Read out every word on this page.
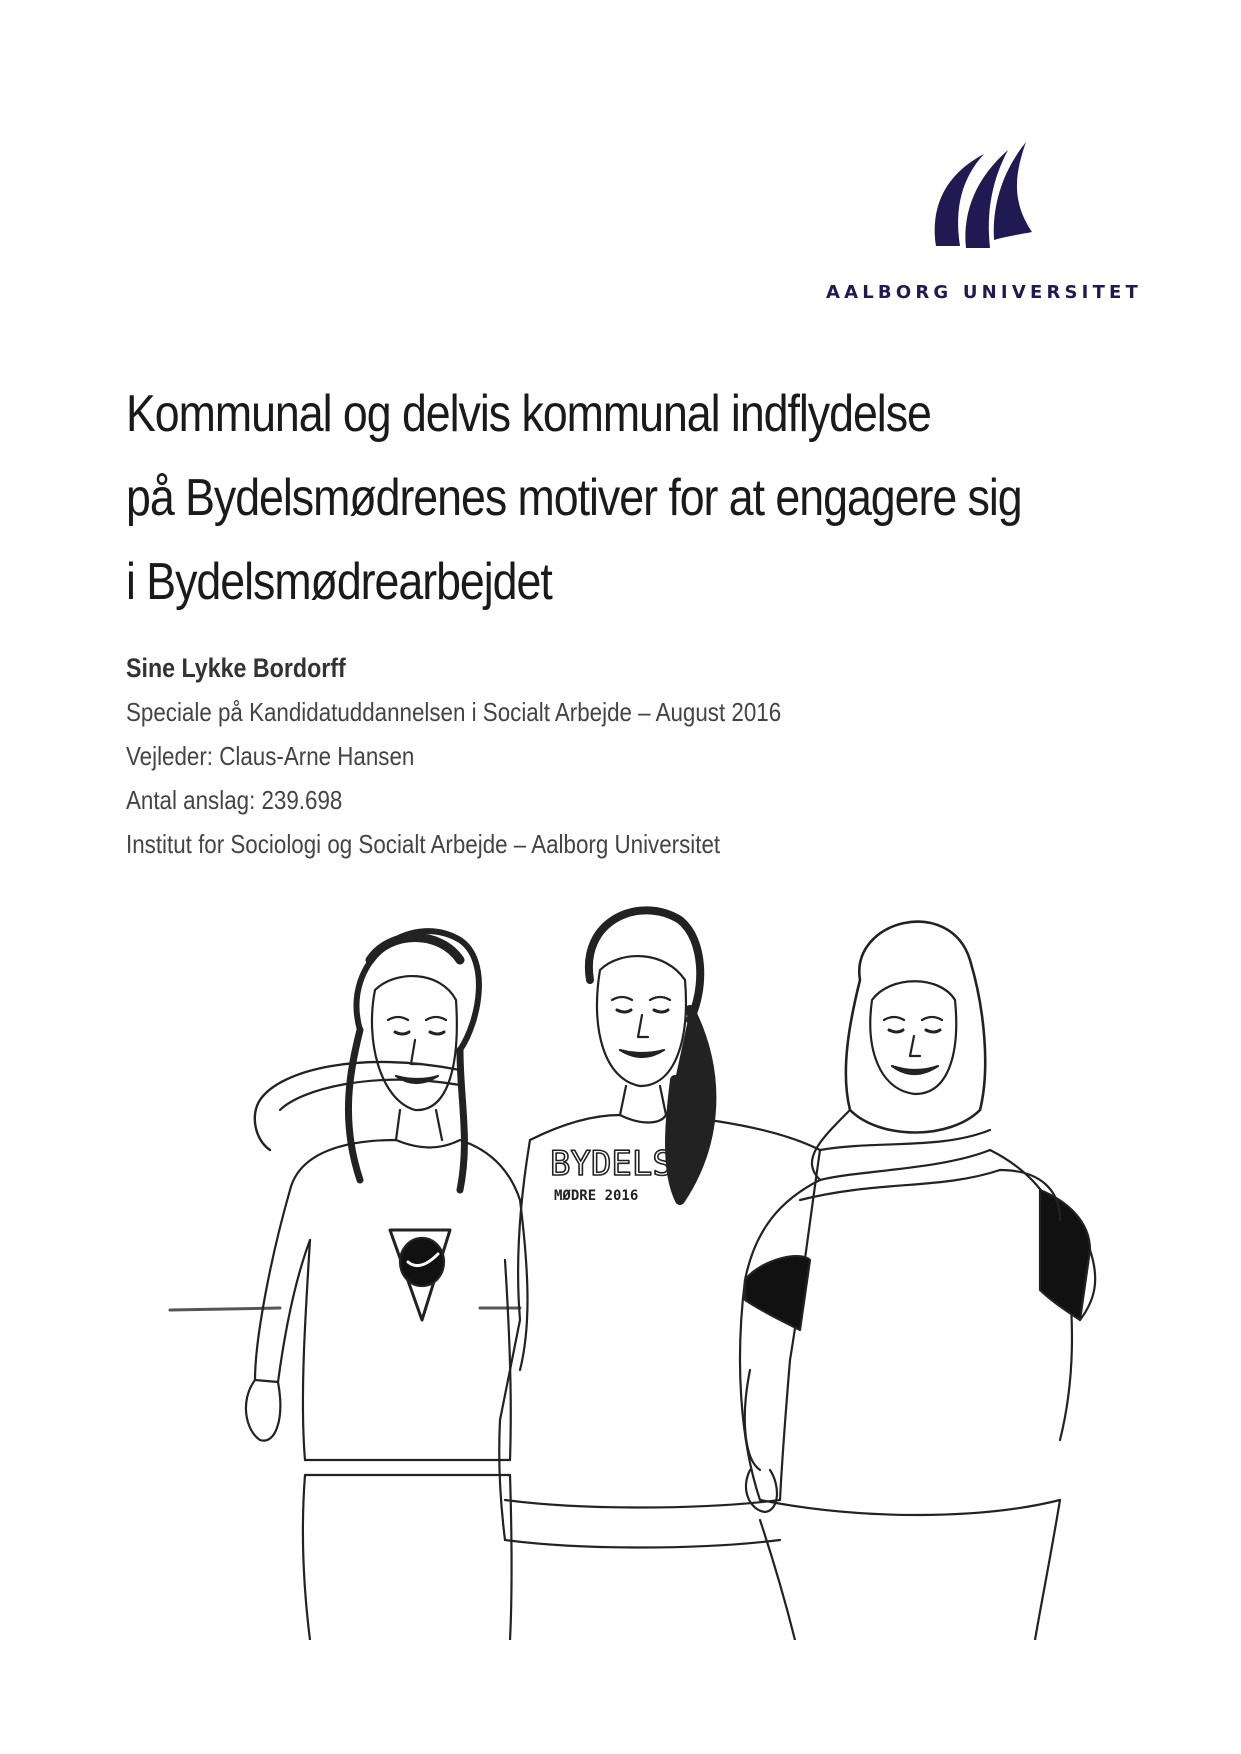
AALBORG UNIVERSITET
Kommunal og delvis kommunal indflydelse
på Bydelsmødrenes motiver for at engagere sig
i Bydelsmødrearbejdet
Sine Lykke Bordorff
Speciale på Kandidatuddannelsen i Socialt Arbejde – August 2016
Vejleder: Claus-Arne Hansen
Antal anslag: 239.698
Institut for Sociologi og Socialt Arbejde – Aalborg Universitet
BYDELS
MØDRE 2016
